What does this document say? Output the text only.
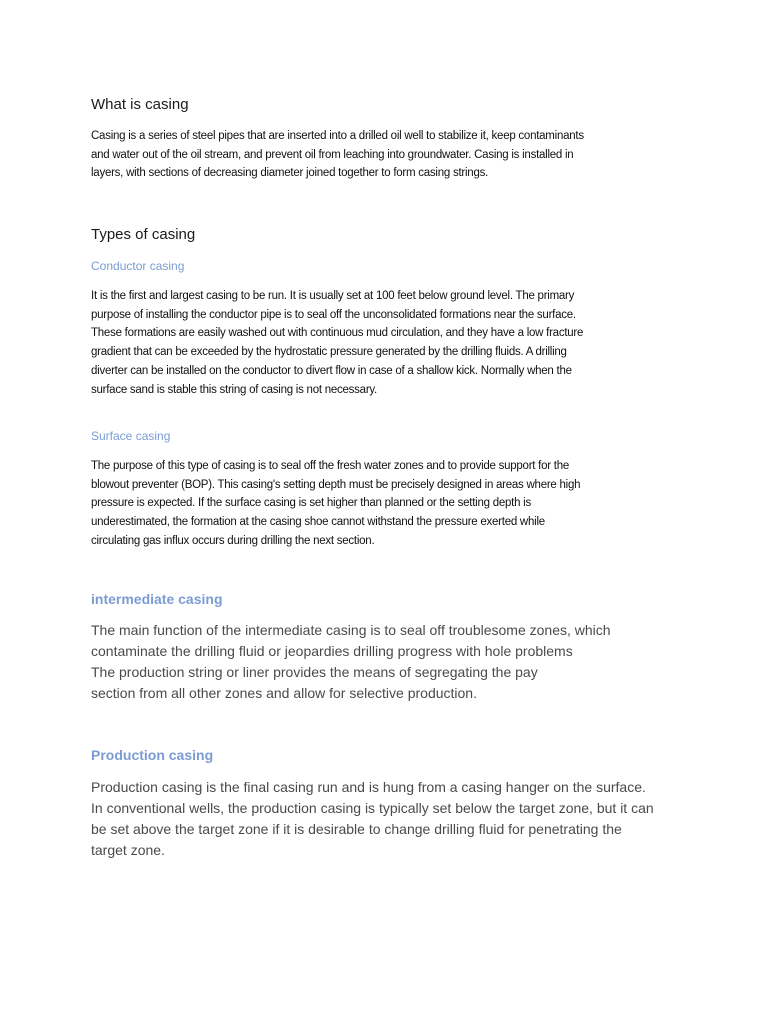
What is casing

Casing is a series of steel pipes that are inserted into a drilled oil well to stabilize it, keep contaminants
and water out of the oil stream, and prevent oil from leaching into groundwater. Casing is installed in
layers, with sections of decreasing diameter joined together to form casing strings.

Types of casing
Conductor casing

It is the first and largest casing to be run. It is usually set at 100 feet below ground level. The primary
purpose of installing the conductor pipe is to seal off the unconsolidated formations near the surface.
These formations are easily washed out with continuous mud circulation, and they have a low fracture
gradient that can be exceeded by the hydrostatic pressure generated by the drilling fluids. A drilling
diverter can be installed on the conductor to divert flow in case of a shallow kick. Normally when the
surface sand is stable this string of casing is not necessary.

Surface casing

The purpose of this type of casing is to seal off the fresh water zones and to provide support for the
blowout preventer (BOP). This casing's setting depth must be precisely designed in areas where high
pressure is expected. If the surface casing is set higher than planned or the setting depth is
underestimated, the formation at the casing shoe cannot withstand the pressure exerted while
circulating gas influx occurs during drilling the next section.

intermediate casing

The main function of the intermediate casing is to seal off troublesome zones, which
contaminate the drilling fluid or jeopardies drilling progress with hole problems
The production string or liner provides the means of segregating the pay
section from all other zones and allow for selective production.

Production casing

Production casing is the final casing run and is hung from a casing hanger on the surface.
In conventional wells, the production casing is typically set below the target zone, but it can
be set above the target zone if it is desirable to change drilling fluid for penetrating the
target zone.
